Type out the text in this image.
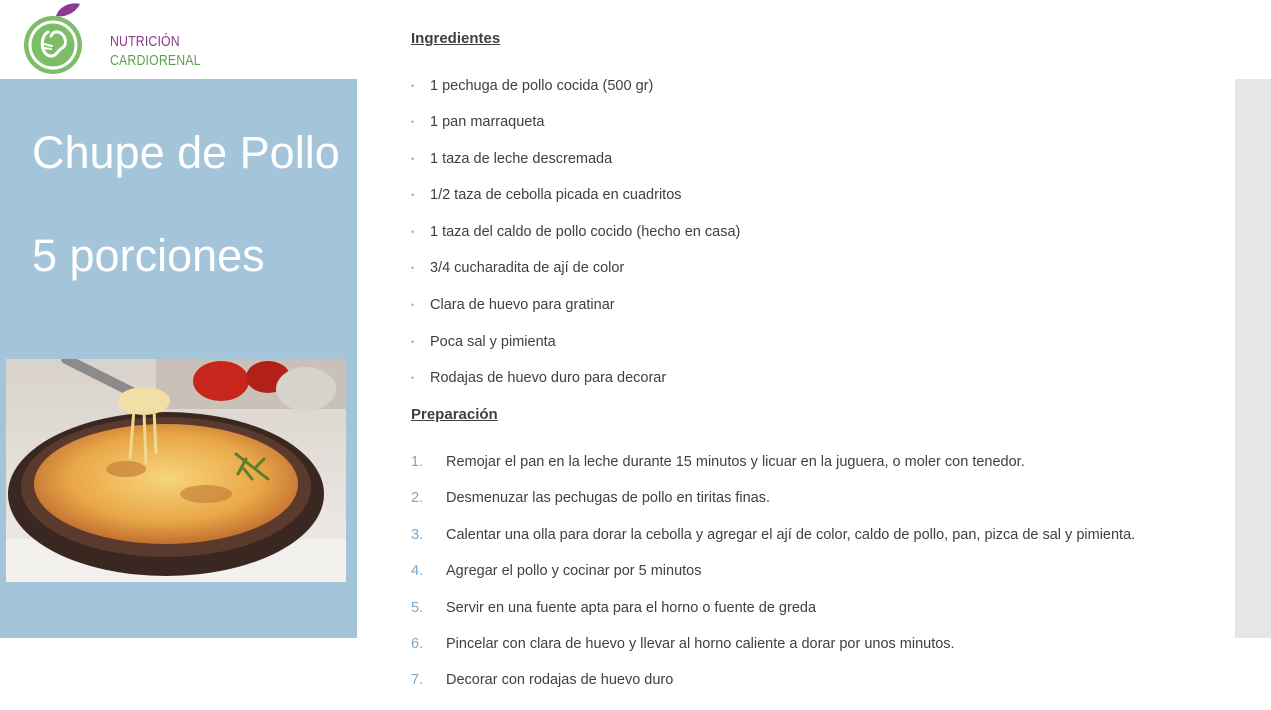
NUTRICIÓN
CARDIORENAL
Chupe de Pollo
5 porciones
Ingredientes
• 1 pechuga de pollo cocida (500 gr)
• 1 pan marraqueta
• 1 taza de leche descremada
• 1/2 taza de cebolla picada en cuadritos
• 1 taza del caldo de pollo cocido (hecho en casa)
• 3/4 cucharadita de ají de color
• Clara de huevo para gratinar
• Poca sal y pimienta
• Rodajas de huevo duro para decorar
Preparación
1. Remojar el pan en la leche durante 15 minutos y licuar en la juguera, o moler con tenedor.
2. Desmenuzar las pechugas de pollo en tiritas finas.
3. Calentar una olla para dorar la cebolla y agregar el ají de color, caldo de pollo, pan, pizca de sal y pimienta.
4. Agregar el pollo y cocinar por 5 minutos
5. Servir en una fuente apta para el horno o fuente de greda
6. Pincelar con clara de huevo y llevar al horno caliente a dorar por unos minutos.
7. Decorar con rodajas de huevo duro
